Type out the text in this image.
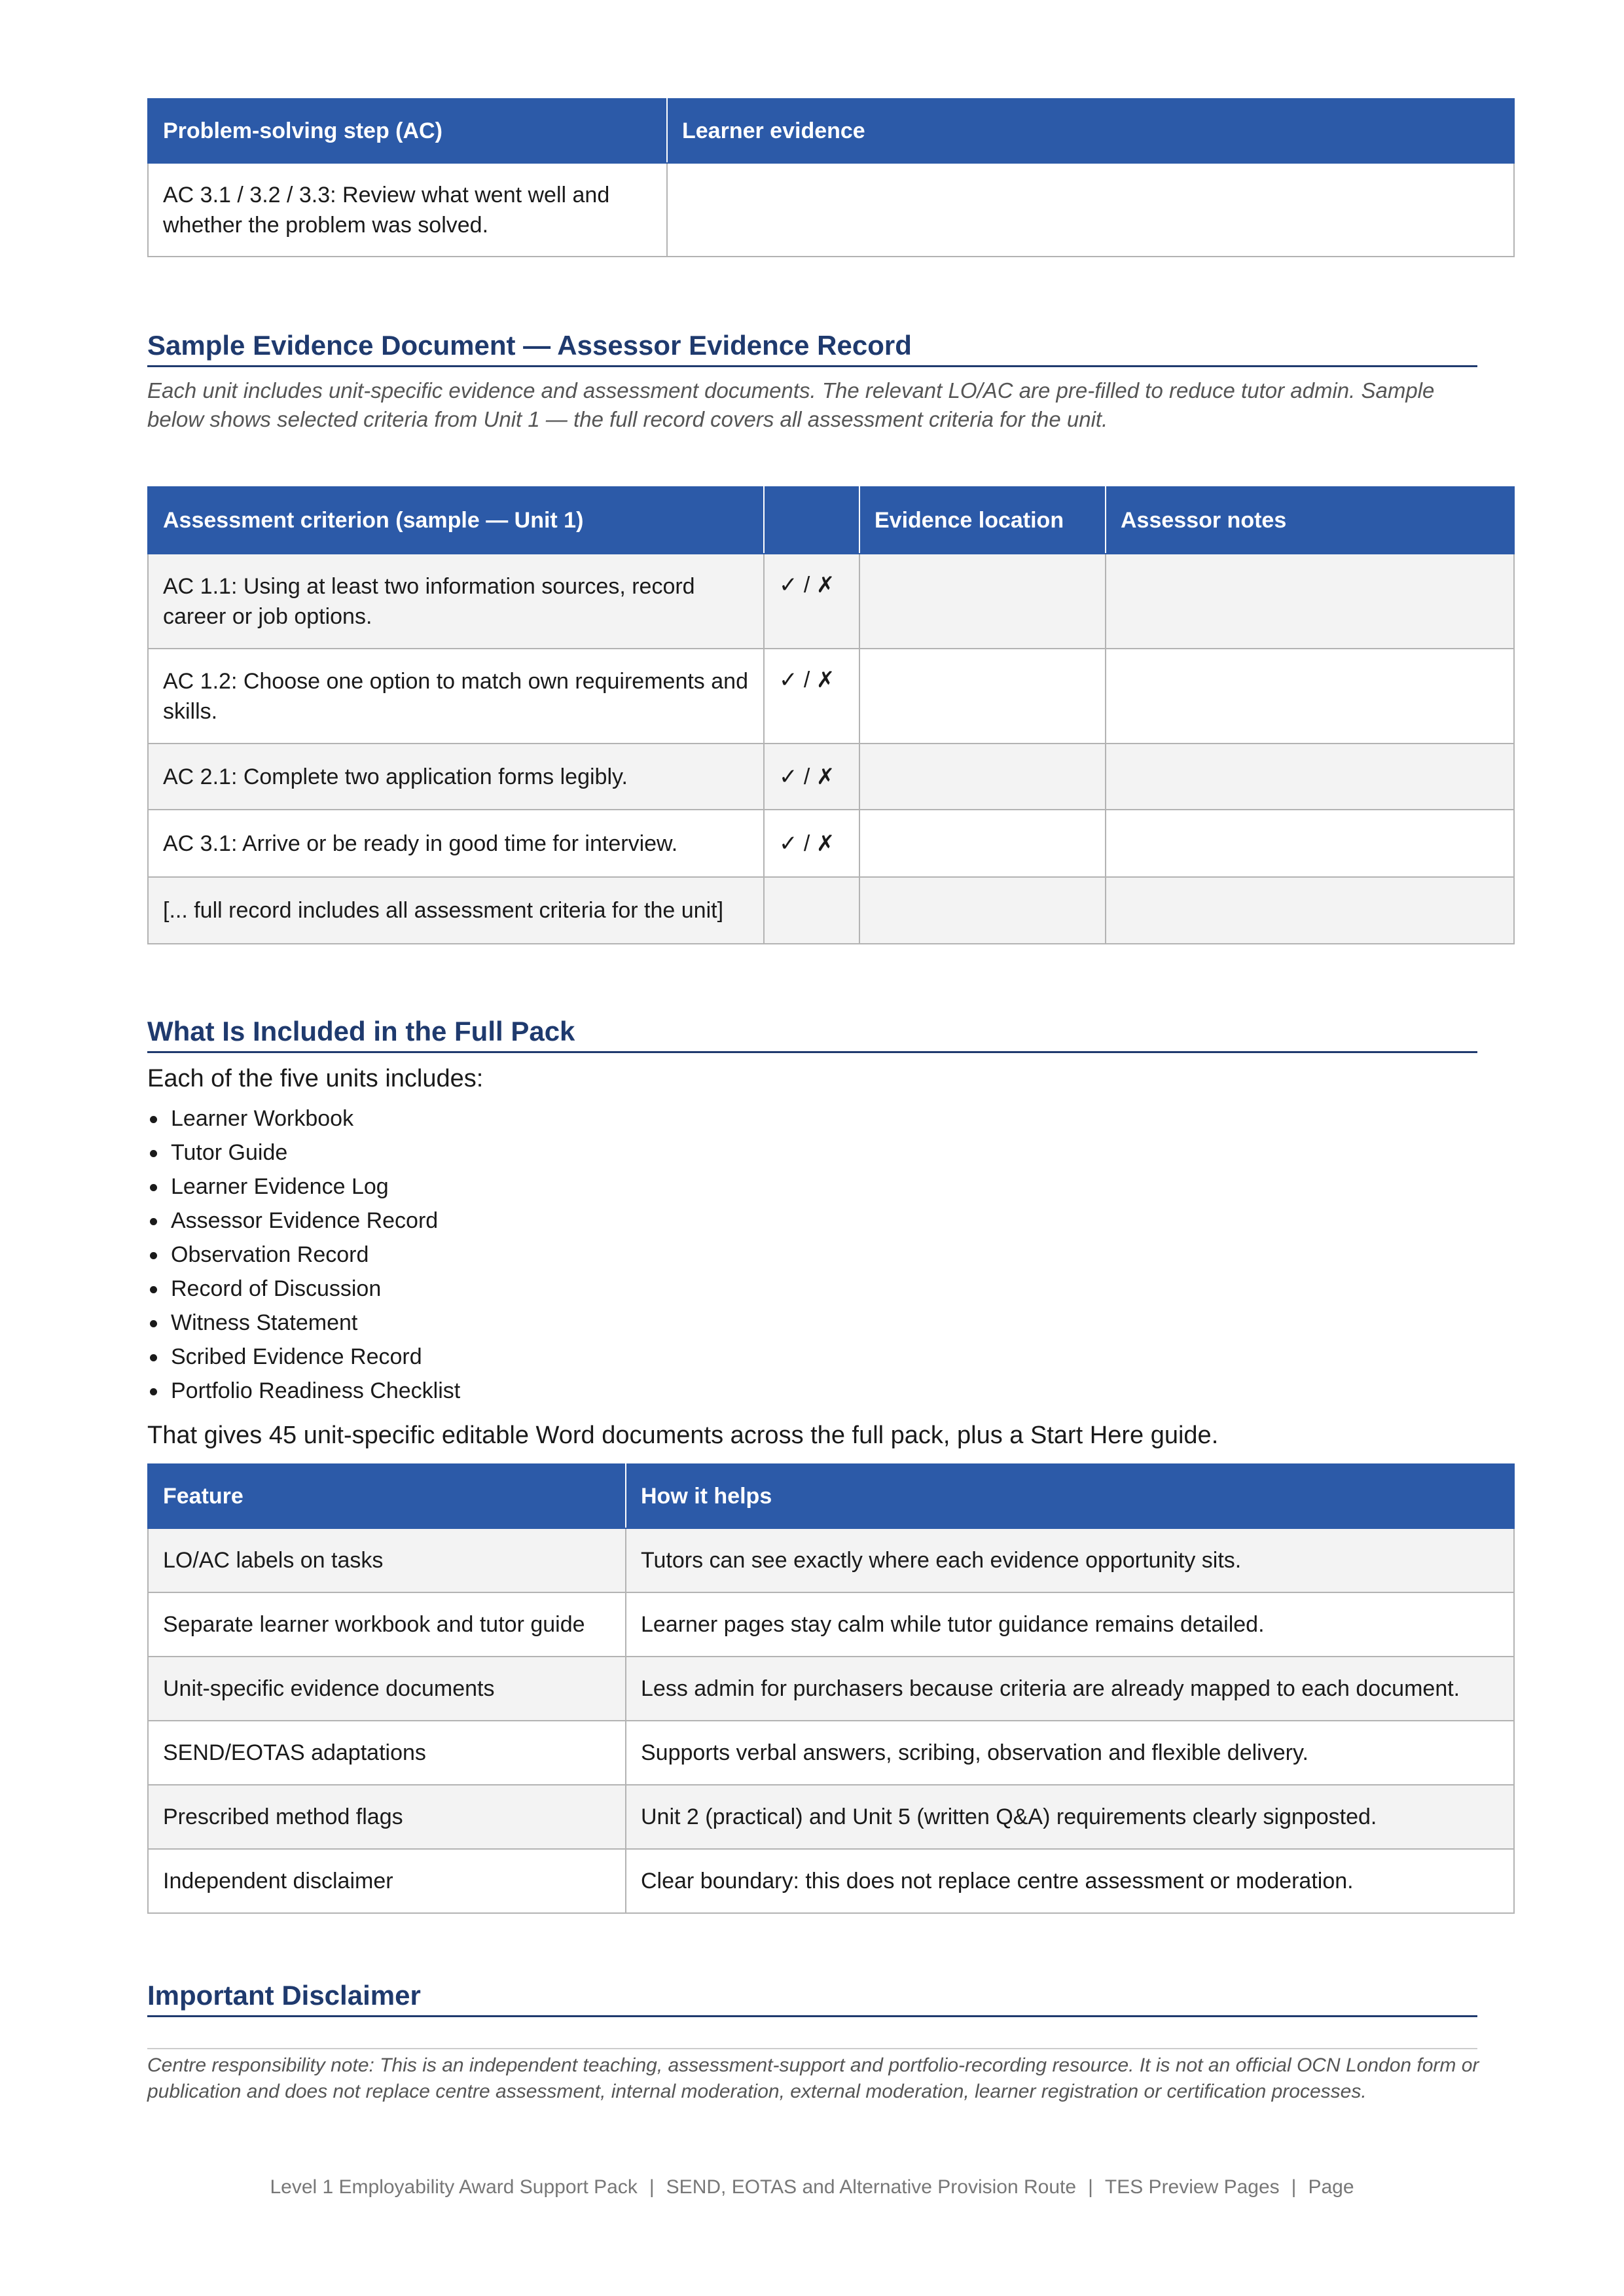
Problem-solving step (AC)	Learner evidence
AC 3.1 / 3.2 / 3.3: Review what went well and whether the problem was solved.	
Sample Evidence Document — Assessor Evidence Record

Each unit includes unit-specific evidence and assessment documents. The relevant LO/AC are pre-filled to reduce tutor admin. Sample below shows selected criteria from Unit 1 — the full record covers all assessment criteria for the unit.

Assessment criterion (sample — Unit 1)		Evidence location	Assessor notes
AC 1.1: Using at least two information sources, record career or job options.	✓ / ✗		
AC 1.2: Choose one option to match own requirements and skills.	✓ / ✗		
AC 2.1: Complete two application forms legibly.	✓ / ✗		
AC 3.1: Arrive or be ready in good time for interview.	✓ / ✗		
[... full record includes all assessment criteria for the unit]			
What Is Included in the Full Pack

Each of the five units includes:

Learner Workbook
Tutor Guide
Learner Evidence Log
Assessor Evidence Record
Observation Record
Record of Discussion
Witness Statement
Scribed Evidence Record
Portfolio Readiness Checklist

That gives 45 unit-specific editable Word documents across the full pack, plus a Start Here guide.

Feature	How it helps
LO/AC labels on tasks	Tutors can see exactly where each evidence opportunity sits.
Separate learner workbook and tutor guide	Learner pages stay calm while tutor guidance remains detailed.
Unit-specific evidence documents	Less admin for purchasers because criteria are already mapped to each document.
SEND/EOTAS adaptations	Supports verbal answers, scribing, observation and flexible delivery.
Prescribed method flags	Unit 2 (practical) and Unit 5 (written Q&A) requirements clearly signposted.
Independent disclaimer	Clear boundary: this does not replace centre assessment or moderation.
Important Disclaimer

Centre responsibility note: This is an independent teaching, assessment-support and portfolio-recording resource. It is not an official OCN London form or publication and does not replace centre assessment, internal moderation, external moderation, learner registration or certification processes.

Level 1 Employability Award Support Pack | SEND, EOTAS and Alternative Provision Route | TES Preview Pages | Page
